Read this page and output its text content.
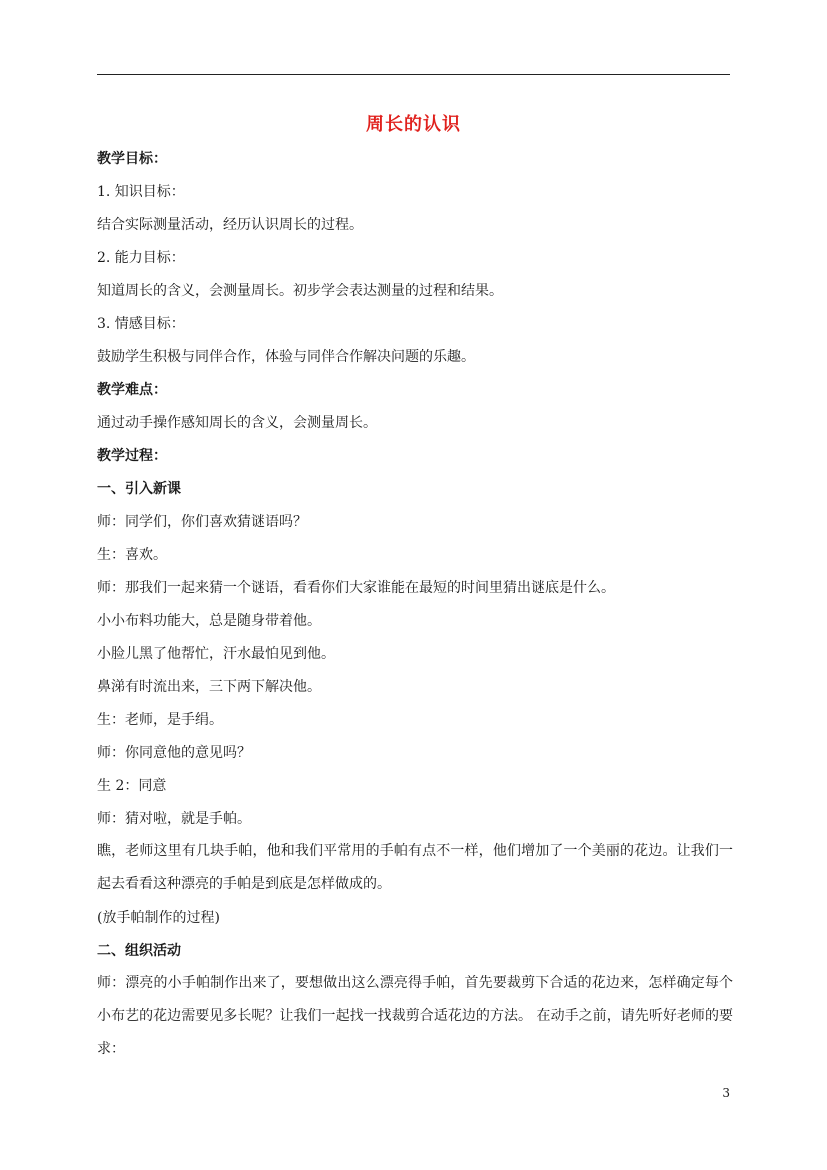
周长的认识
教学目标：
1. 知识目标：
结合实际测量活动，经历认识周长的过程。
2. 能力目标：
知道周长的含义，会测量周长。初步学会表达测量的过程和结果。
3. 情感目标：
鼓励学生积极与同伴合作，体验与同伴合作解决问题的乐趣。
教学难点：
通过动手操作感知周长的含义，会测量周长。
教学过程：
一、引入新课
师：同学们，你们喜欢猜谜语吗？
生：喜欢。
师：那我们一起来猜一个谜语，看看你们大家谁能在最短的时间里猜出谜底是什么。
小小布料功能大，总是随身带着他。
小脸儿黑了他帮忙，汗水最怕见到他。
鼻涕有时流出来，三下两下解决他。
生：老师，是手绢。
师：你同意他的意见吗？
生 2：同意
师：猜对啦，就是手帕。
瞧，老师这里有几块手帕，他和我们平常用的手帕有点不一样，他们增加了一个美丽的花边。让我们一起去看看这种漂亮的手帕是到底是怎样做成的。
(放手帕制作的过程)
二、组织活动
师：漂亮的小手帕制作出来了，要想做出这么漂亮得手帕，首先要裁剪下合适的花边来，怎样确定每个小布艺的花边需要见多长呢？让我们一起找一找裁剪合适花边的方法。 在动手之前，请先听好老师的要求：
3
